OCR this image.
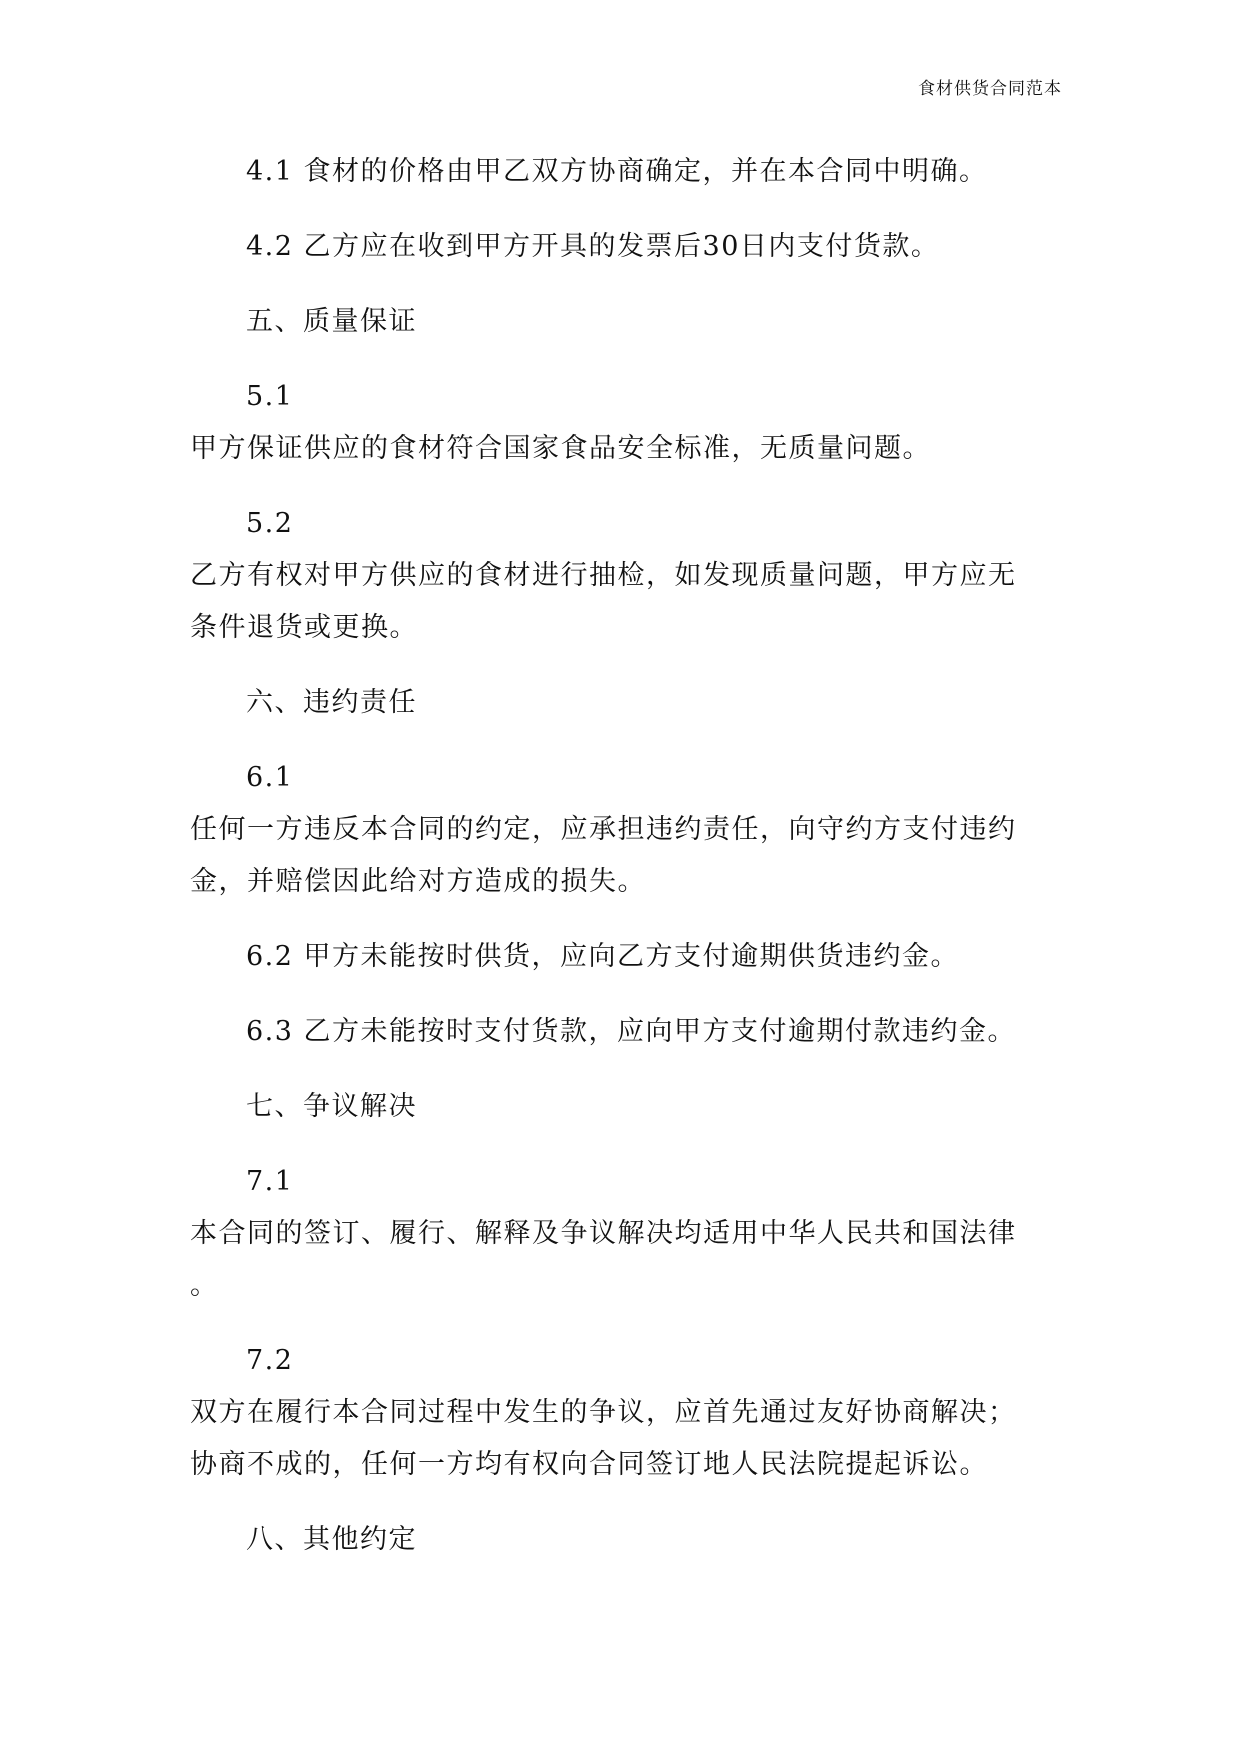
食材供货合同范本
4.1 食材的价格由甲乙双方协商确定，并在本合同中明确。
4.2 乙方应在收到甲方开具的发票后30日内支付货款。
五、质量保证
5.1
甲方保证供应的食材符合国家食品安全标准，无质量问题。
5.2
乙方有权对甲方供应的食材进行抽检，如发现质量问题，甲方应无
条件退货或更换。
六、违约责任
6.1
任何一方违反本合同的约定，应承担违约责任，向守约方支付违约
金，并赔偿因此给对方造成的损失。
6.2 甲方未能按时供货，应向乙方支付逾期供货违约金。
6.3 乙方未能按时支付货款，应向甲方支付逾期付款违约金。
七、争议解决
7.1
本合同的签订、履行、解释及争议解决均适用中华人民共和国法律
。
7.2
双方在履行本合同过程中发生的争议，应首先通过友好协商解决；
协商不成的，任何一方均有权向合同签订地人民法院提起诉讼。
八、其他约定
